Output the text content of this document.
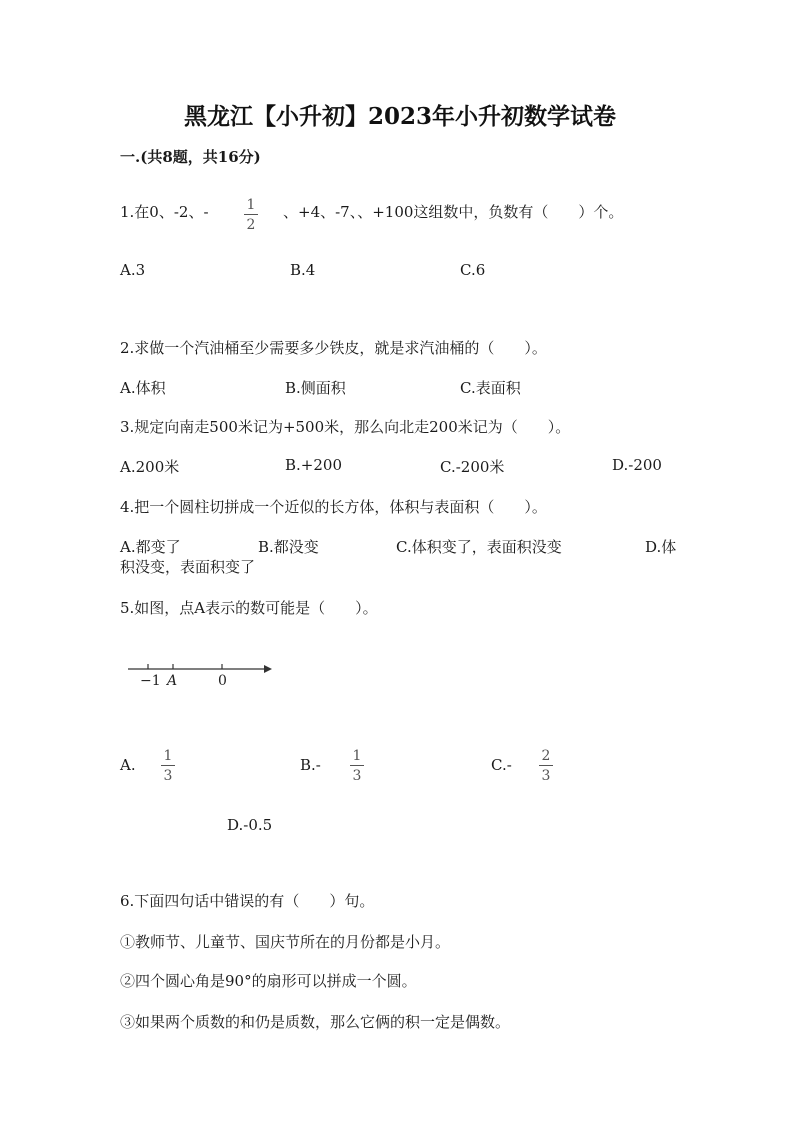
黑龙江【小升初】2023年小升初数学试卷
一.(共8题，共16分)
1.在0、-2、-	1
2
、+4、-7、、+100这组数中，负数有（　　）个。
A.3	B.4	C.6
2.求做一个汽油桶至少需要多少铁皮，就是求汽油桶的（　　）。
A.体积	B.侧面积	C.表面积
3.规定向南走500米记为+500米，那么向北走200米记为（　　）。
A.200米	B.+200	C.-200米	D.-200
4.把一个圆柱切拼成一个近似的长方体，体积与表面积（　　）。
A.都变了	B.都没变	C.体积变了，表面积没变	D.体
积没变，表面积变了
5.如图，点A表示的数可能是（　　）。
−1 A	0
A. 1
3
B.- 1
3
C.- 2
3
D.-0.5
6.下面四句话中错误的有（　　）句。
①教师节、儿童节、国庆节所在的月份都是小月。
②四个圆心角是90°的扇形可以拼成一个圆。
③如果两个质数的和仍是质数，那么它俩的积一定是偶数。
